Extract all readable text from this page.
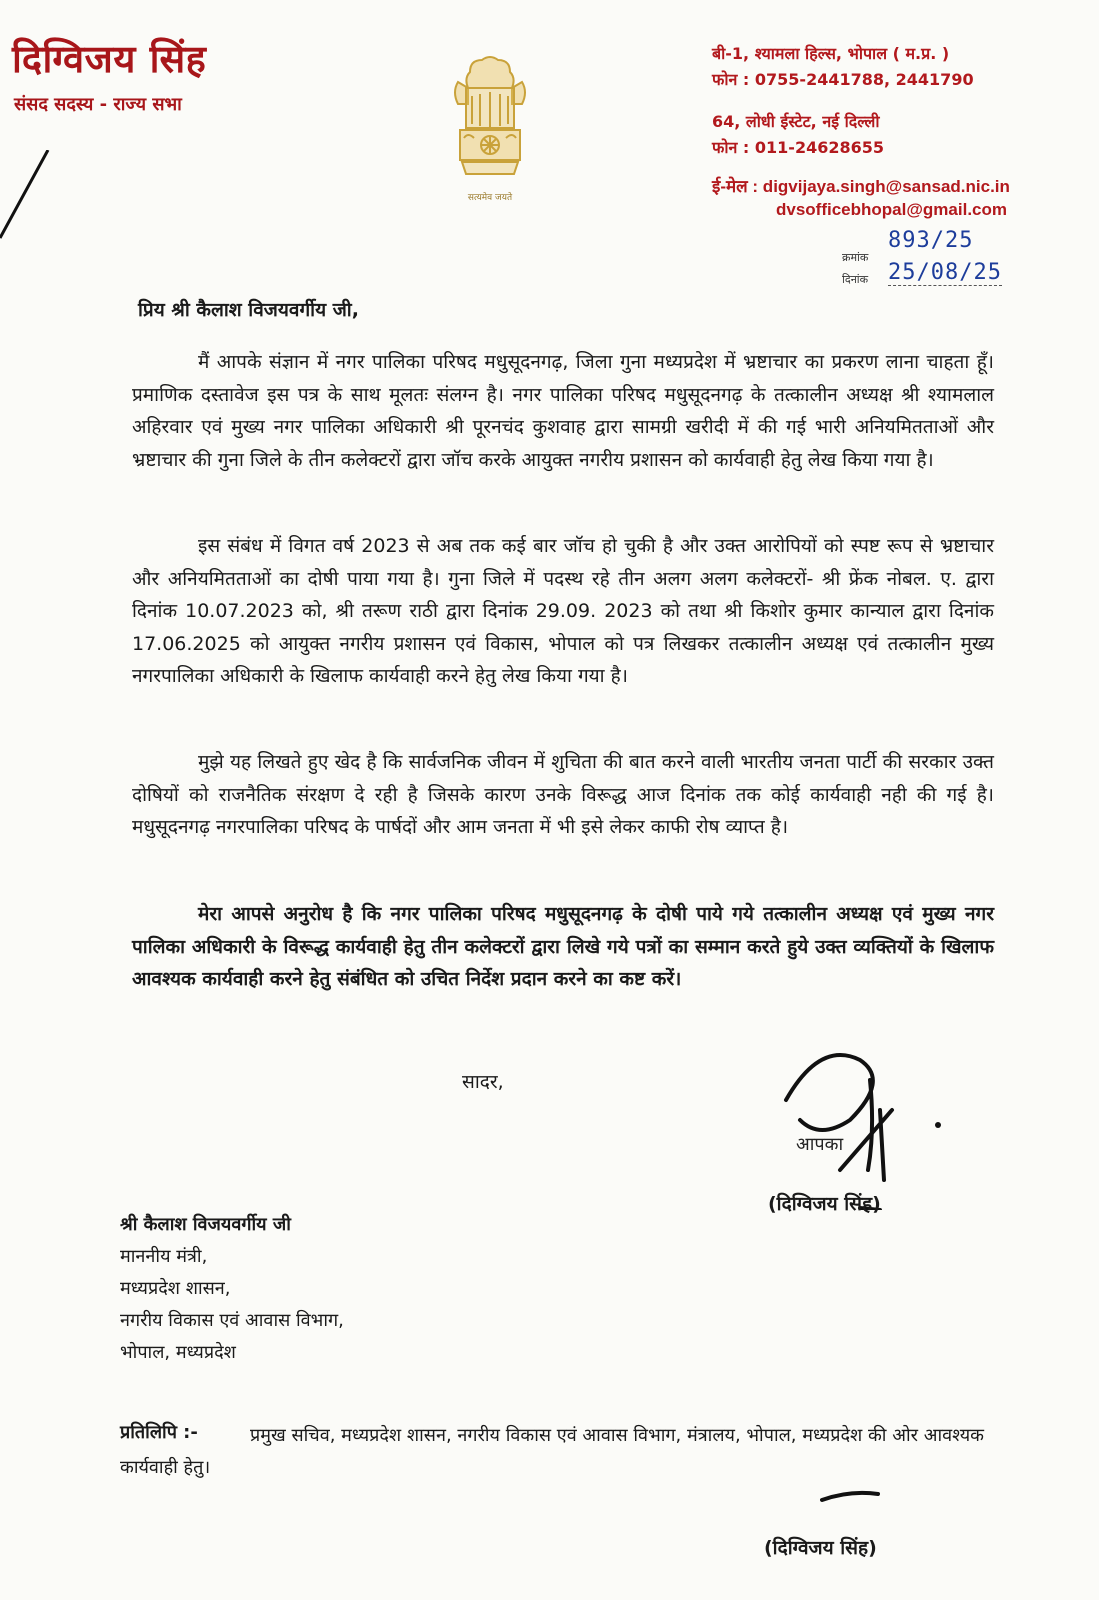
दिग्विजय सिंह
संसद सदस्य - राज्य सभा
सत्यमेव जयते
बी-1, श्यामला हिल्स, भोपाल ( म.प्र. )
फोन : 0755-2441788, 2441790
64, लोधी ईस्टेट, नई दिल्ली
फोन : 011-24628655
ई-मेल : digvijaya.singh@sansad.nic.in
dvsofficebhopal@gmail.com
क्रमांक
893/25
दिनांक 25/08/25
प्रिय श्री कैलाश विजयवर्गीय जी,
मैं आपके संज्ञान में नगर पालिका परिषद मधुसूदनगढ़, जिला गुना मध्यप्रदेश में भ्रष्टाचार का प्रकरण लाना चाहता हूँ। प्रमाणिक दस्तावेज इस पत्र के साथ मूलतः संलग्न है। नगर पालिका परिषद मधुसूदनगढ़ के तत्कालीन अध्यक्ष श्री श्यामलाल अहिरवार एवं मुख्य नगर पालिका अधिकारी श्री पूरनचंद कुशवाह द्वारा सामग्री खरीदी में की गई भारी अनियमितताओं और भ्रष्टाचार की गुना जिले के तीन कलेक्टरों द्वारा जॉच करके आयुक्त नगरीय प्रशासन को कार्यवाही हेतु लेख किया गया है।
इस संबंध में विगत वर्ष 2023 से अब तक कई बार जॉच हो चुकी है और उक्त आरोपियों को स्पष्ट रूप से भ्रष्टाचार और अनियमितताओं का दोषी पाया गया है। गुना जिले में पदस्थ रहे तीन अलग अलग कलेक्टरों- श्री फ्रेंक नोबल. ए. द्वारा दिनांक 10.07.2023 को, श्री तरूण राठी द्वारा दिनांक 29.09. 2023 को तथा श्री किशोर कुमार कान्याल द्वारा दिनांक 17.06.2025 को आयुक्त नगरीय प्रशासन एवं विकास, भोपाल को पत्र लिखकर तत्कालीन अध्यक्ष एवं तत्कालीन मुख्य नगरपालिका अधिकारी के खिलाफ कार्यवाही करने हेतु लेख किया गया है।
मुझे यह लिखते हुए खेद है कि सार्वजनिक जीवन में शुचिता की बात करने वाली भारतीय जनता पार्टी की सरकार उक्त दोषियों को राजनैतिक संरक्षण दे रही है जिसके कारण उनके विरूद्ध आज दिनांक तक कोई कार्यवाही नही की गई है। मधुसूदनगढ़ नगरपालिका परिषद के पार्षदों और आम जनता में भी इसे लेकर काफी रोष व्याप्त है।
मेरा आपसे अनुरोध है कि नगर पालिका परिषद मधुसूदनगढ़ के दोषी पाये गये तत्कालीन अध्यक्ष एवं मुख्य नगर पालिका अधिकारी के विरूद्ध कार्यवाही हेतु तीन कलेक्टरों द्वारा लिखे गये पत्रों का सम्मान करते हुये उक्त व्यक्तियों के खिलाफ आवश्यक कार्यवाही करने हेतु संबंधित को उचित निर्देश प्रदान करने का कष्ट करें।
सादर,
आपका
(दिग्विजय सिंह)
श्री कैलाश विजयवर्गीय जी
माननीय मंत्री,
मध्यप्रदेश शासन,
नगरीय विकास एवं आवास विभाग,
भोपाल, मध्यप्रदेश
प्रतिलिपि :-	प्रमुख सचिव, मध्यप्रदेश शासन, नगरीय विकास एवं आवास विभाग, मंत्रालय, भोपाल, मध्यप्रदेश की ओर आवश्यक कार्यवाही हेतु।
(दिग्विजय सिंह)
